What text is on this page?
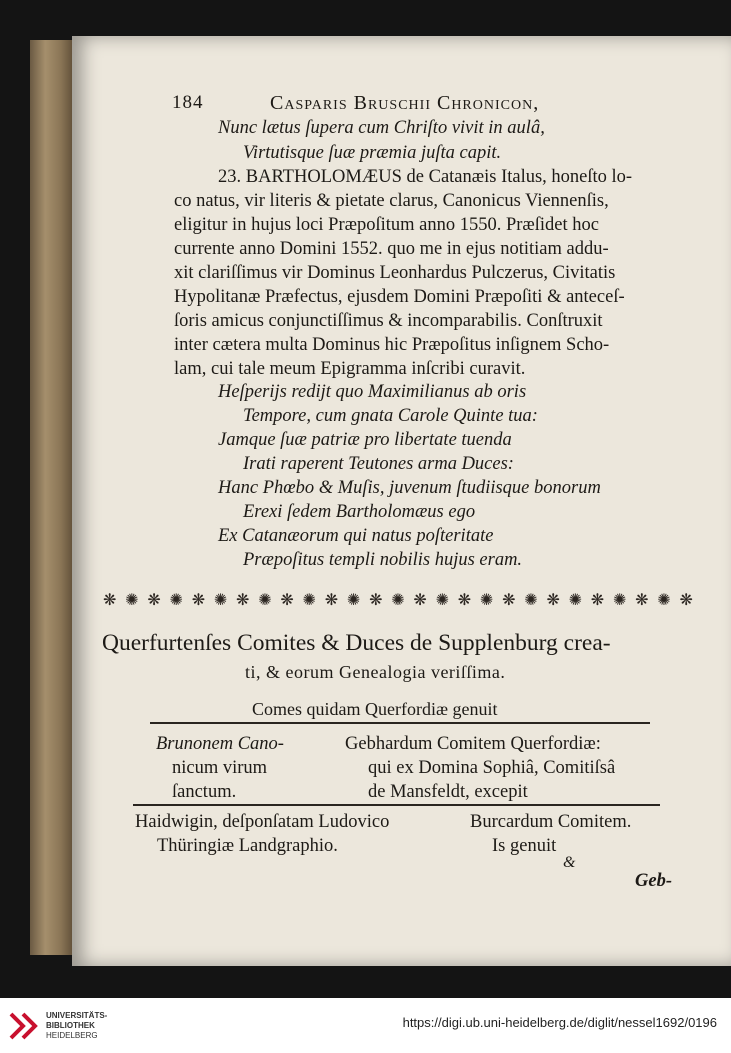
184	Casparis Bruschii Chronicon,
Nunc lætus ſupera cum Chriſto vivit in aulâ,
Virtutisque ſuæ præmia juſta capit.
23. BARTHOLOMÆUS de Catanæis Italus, honeſto lo-
co natus, vir literis & pietate clarus, Canonicus Viennenſis,
eligitur in hujus loci Præpoſitum anno 1550. Præſidet hoc
currente anno Domini 1552. quo me in ejus notitiam addu-
xit clariſſimus vir Dominus Leonhardus Pulczerus, Civitatis
Hypolitanæ Præfectus, ejusdem Domini Præpoſiti & anteceſ-
ſoris amicus conjunctiſſimus & incomparabilis. Conſtruxit
inter cætera multa Dominus hic Præpoſitus inſignem Scho-
lam, cui tale meum Epigramma inſcribi curavit.
Heſperijs redijt quo Maximilianus ab oris
Tempore, cum gnata Carole Quinte tua:
Jamque ſuæ patriæ pro libertate tuenda
Irati raperent Teutones arma Duces:
Hanc Phœbo & Muſis, juvenum ſtudiisque bonorum
Erexi ſedem Bartholomæus ego
Ex Catanæorum qui natus poſteritate
Præpoſitus templi nobilis hujus eram.
❋ ✺ ❋ ✺ ❋ ✺ ❋ ✺ ❋ ✺ ❋ ✺ ❋ ✺ ❋ ✺ ❋ ✺ ❋ ✺ ❋ ✺ ❋ ✺ ❋ ✺ ❋
Querfurtenſes Comites & Duces de Supplenburg crea-
ti, & eorum Genealogia veriſſima.
Comes quidam Querfordiæ genuit
Brunonem Cano-
nicum virum
ſanctum.
Gebhardum Comitem Querfordiæ:
qui ex Domina Sophiâ, Comitiſsâ
de Mansfeldt, excepit
Haidwigin, deſponſatam Ludovico
Thüringiæ Landgraphio.
Burcardum Comitem.
Is genuit
&
Geb-
UNIVERSITÄTS-
BIBLIOTHEK
HEIDELBERG
https://digi.ub.uni-heidelberg.de/diglit/nessel1692/0196
